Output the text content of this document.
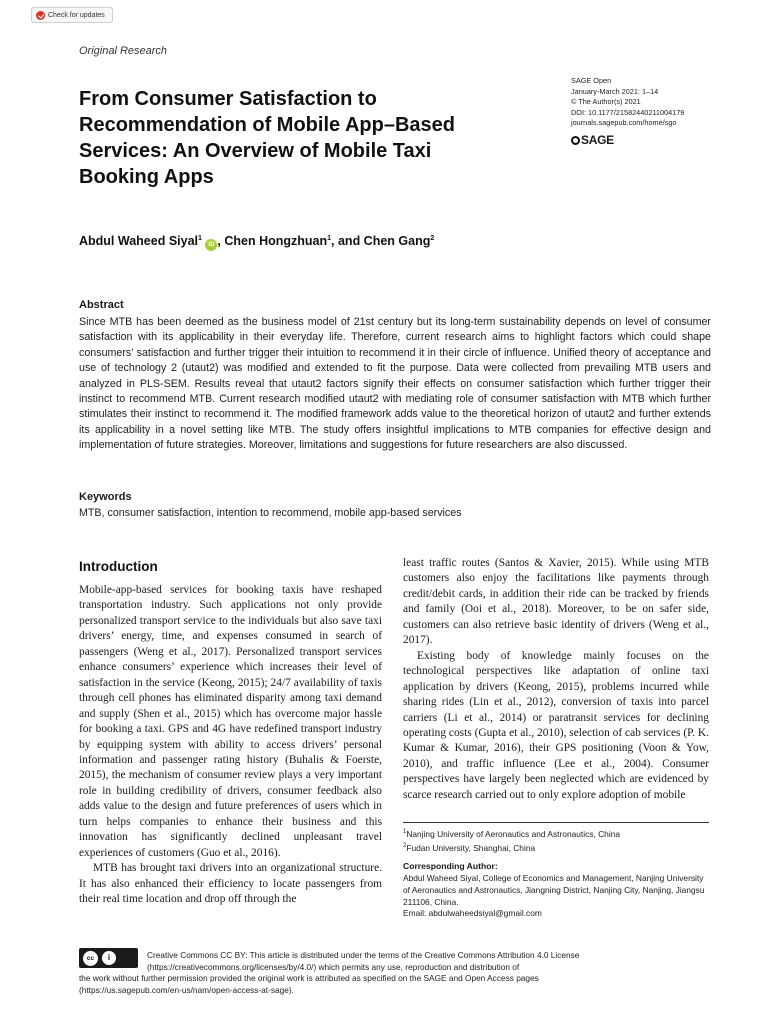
Check for updates
Original Research
From Consumer Satisfaction to Recommendation of Mobile App–Based Services: An Overview of Mobile Taxi Booking Apps
SAGE Open
January-March 2021: 1–14
© The Author(s) 2021
DOI: 10.1177/21582440211004179
journals.sagepub.com/home/sgo
SAGE
Abdul Waheed Siyal$^1$ iD , Chen Hongzhuan$^1$, and Chen Gang$^2$
Abstract
Since MTB has been deemed as the business model of 21st century but its long-term sustainability depends on level of consumer satisfaction with its applicability in their everyday life. Therefore, current research aims to highlight factors which could shape consumers’ satisfaction and further trigger their intuition to recommend it in their circle of influence. Unified theory of acceptance and use of technology 2 (utaut2) was modified and extended to fit the purpose. Data were collected from prevailing MTB users and analyzed in PLS-SEM. Results reveal that utaut2 factors signify their effects on consumer satisfaction which further trigger their instinct to recommend MTB. Current research modified utaut2 with mediating role of consumer satisfaction with MTB which further stimulates their instinct to recommend it. The modified framework adds value to the theoretical horizon of utaut2 and further extends its applicability in a novel setting like MTB. The study offers insightful implications to MTB companies for effective design and implementation of future strategies. Moreover, limitations and suggestions for future researchers are also discussed.
Keywords
MTB, consumer satisfaction, intention to recommend, mobile app-based services
Introduction

Mobile-app-based services for booking taxis have reshaped transportation industry. Such applications not only provide personalized transport service to the individuals but also save taxi drivers’ energy, time, and expenses consumed in search of passengers (Weng et al., 2017). Personalized transport services enhance consumers’ experience which increases their level of satisfaction in the service (Keong, 2015); 24/7 availability of taxis through cell phones has eliminated disparity among taxi demand and supply (Shen et al., 2015) which has overcome major hassle for booking a taxi. GPS and 4G have redefined transport industry by equipping system with ability to access drivers’ personal information and passenger rating history (Buhalis & Foerste, 2015), the mechanism of consumer review plays a very important role in building credibility of drivers, consumer feedback also adds value to the design and future preferences of users which in turn helps companies to enhance their business and this innovation has significantly declined unpleasant travel experiences of customers (Guo et al., 2016).

MTB has brought taxi drivers into an organizational structure. It has also enhanced their efficiency to locate passengers from their real time location and drop off through the

least traffic routes (Santos & Xavier, 2015). While using MTB customers also enjoy the facilitations like payments through credit/debit cards, in addition their ride can be tracked by friends and family (Ooi et al., 2018). Moreover, to be on safer side, customers can also retrieve basic identity of drivers (Weng et al., 2017).

Existing body of knowledge mainly focuses on the technological perspectives like adaptation of online taxi application by drivers (Keong, 2015), problems incurred while sharing rides (Lin et al., 2012), conversion of taxis into parcel carriers (Li et al., 2014) or paratransit services for declining operating costs (Gupta et al., 2010), selection of cab services (P. K. Kumar & Kumar, 2016), their GPS positioning (Voon & Yow, 2010), and traffic influence (Lee et al., 2004). Consumer perspectives have largely been neglected which are evidenced by scarce research carried out to only explore adoption of mobile

$^1$Nanjing University of Aeronautics and Astronautics, China
$^2$Fudan University, Shanghai, China
Corresponding Author:
Abdul Waheed Siyal, College of Economics and Management, Nanjing University of Aeronautics and Astronautics, Jiangning District, Nanjing City, Nanjing, Jiangsu 211106, China.
Email: abdulwaheedsiyal@gmail.com
cc	i	Creative Commons CC BY: This article is distributed under the terms of the Creative Commons Attribution 4.0 License
(https://creativecommons.org/licenses/by/4.0/) which permits any use, reproduction and distribution of
the work without further permission provided the original work is attributed as specified on the SAGE and Open Access pages
(https://us.sagepub.com/en-us/nam/open-access-at-sage).
